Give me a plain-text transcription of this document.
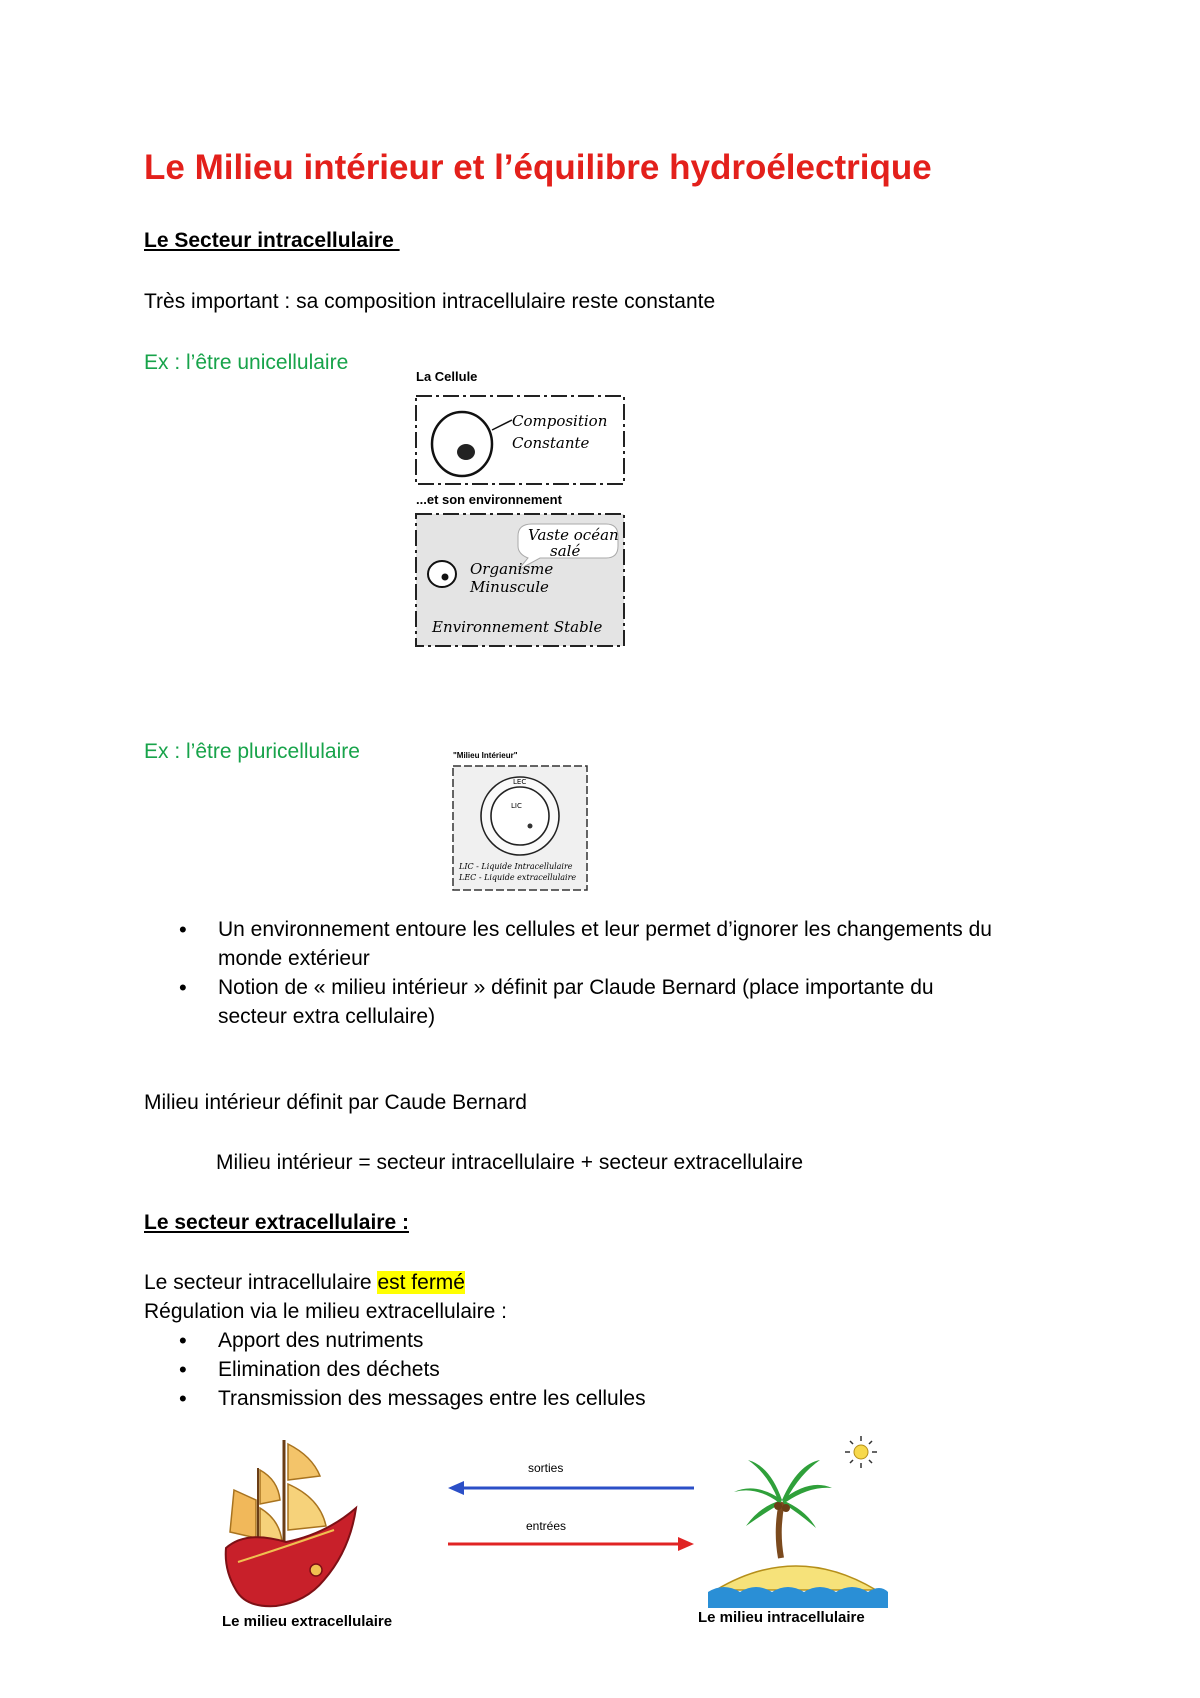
Le Milieu intérieur et l’équilibre hydroélectrique
Le Secteur intracellulaire
Très important : sa composition intracellulaire reste constante
Ex : l’être unicellulaire
La Cellule
Composition
Constante
...et son environnement
Vaste océan
salé
Organisme
Minuscule
Environnement Stable
Ex : l’être pluricellulaire	"Milieu Intérieur"
LEC
LIC
LIC - Liquide Intracellulaire
LEC - Liquide extracellulaire
• Un environnement entoure les cellules et leur permet d’ignorer les changements du
monde extérieur
• Notion de « milieu intérieur » définit par Claude Bernard (place importante du
secteur extra cellulaire)
Milieu intérieur définit par Caude Bernard
Milieu intérieur = secteur intracellulaire + secteur extracellulaire
Le secteur extracellulaire :
Le secteur intracellulaire est fermé
Régulation via le milieu extracellulaire :
• Apport des nutriments
• Elimination des déchets
• Transmission des messages entre les cellules
Le milieu extracellulaire
sorties
entrées
Le milieu intracellulaire
